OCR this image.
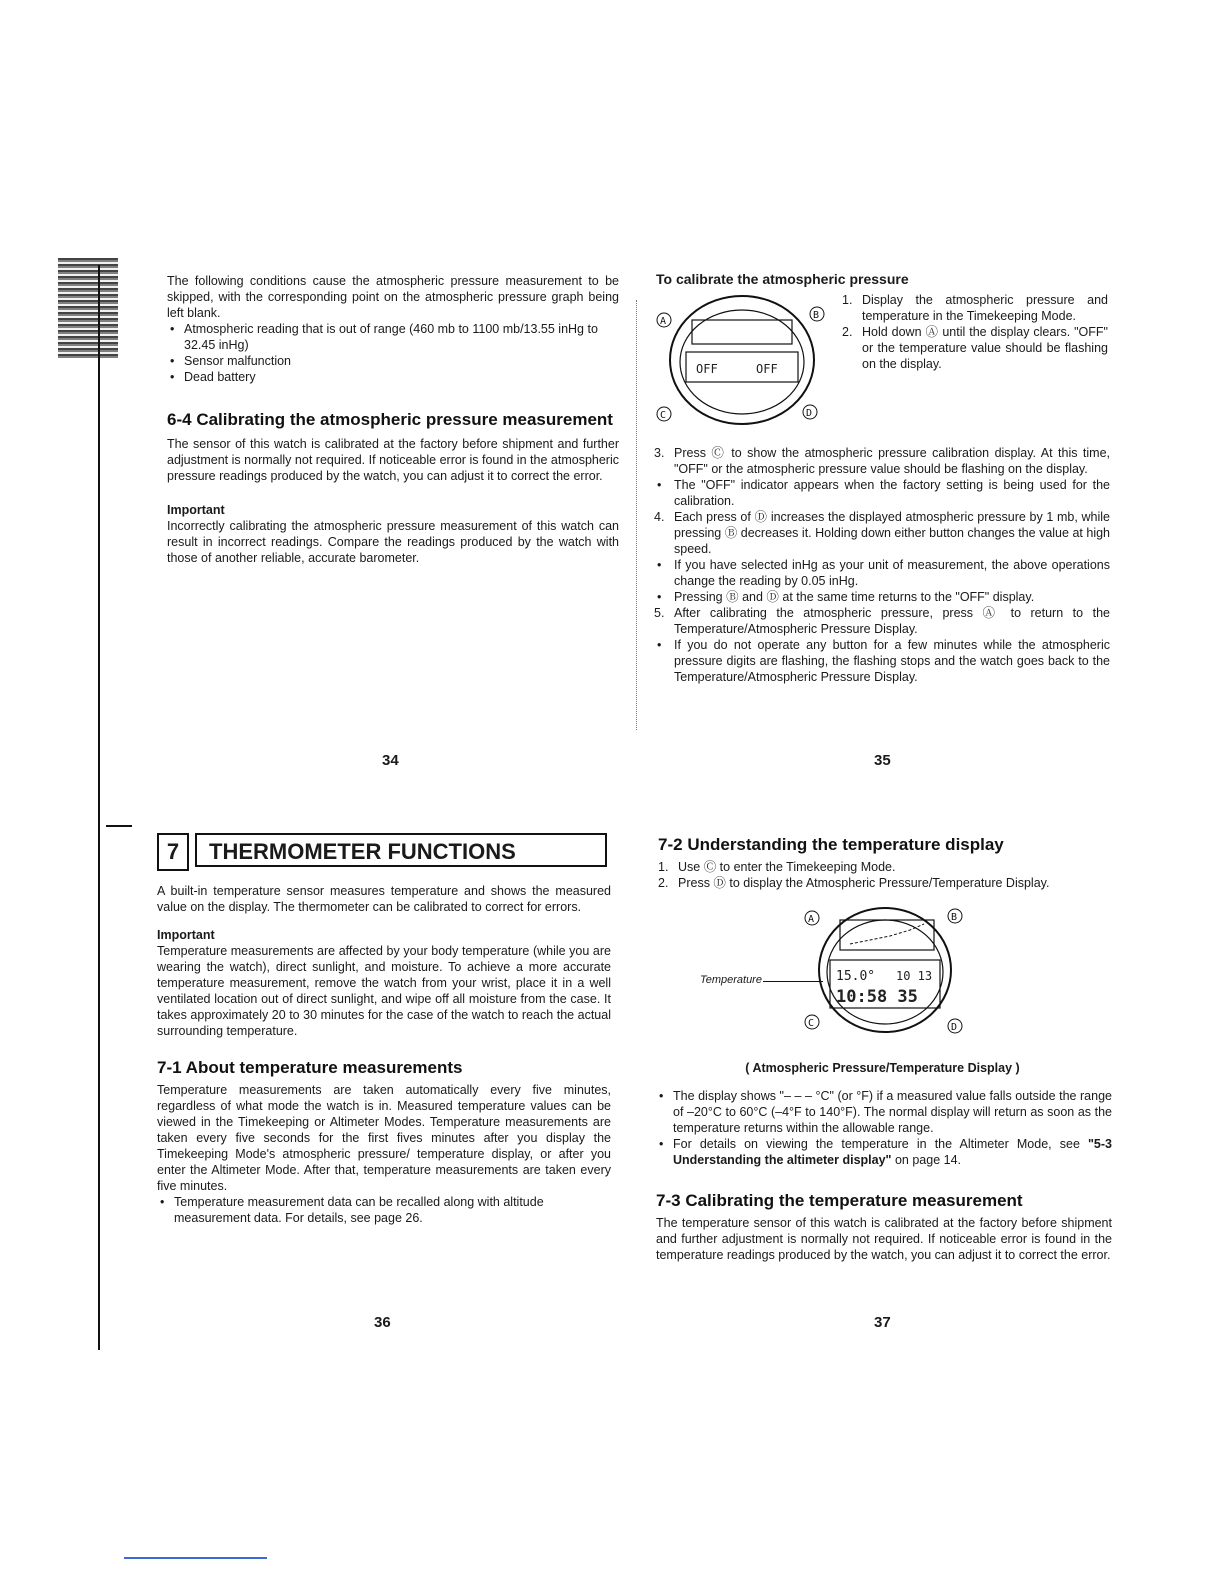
The following conditions cause the atmospheric pressure measurement to be skipped, with the corresponding point on the atmospheric pressure graph being left blank.

• Atmospheric reading that is out of range (460 mb to 1100 mb/13.55 inHg to 32.45 inHg)
• Sensor malfunction
• Dead battery
6-4 Calibrating the atmospheric pressure measurement

The sensor of this watch is calibrated at the factory before shipment and further adjustment is normally not required. If noticeable error is found in the atmospheric pressure readings produced by the watch, you can adjust it to correct the error.

Important

Incorrectly calibrating the atmospheric pressure measurement of this watch can result in incorrect readings. Compare the readings produced by the watch with those of another reliable, accurate barometer.

34

To calibrate the atmospheric pressure

OFF	OFF
A
B
C	D
1. Display the atmospheric pressure and temperature in the Timekeeping Mode.
2. Hold down Ⓐ until the display clears. "OFF" or the temperature value should be flashing on the display.
3. Press Ⓒ to show the atmospheric pressure calibration display. At this time, "OFF" or the atmospheric pressure value should be flashing on the display.
• The "OFF" indicator appears when the factory setting is being used for the calibration.
4. Each press of Ⓓ increases the displayed atmospheric pressure by 1 mb, while pressing Ⓑ decreases it. Holding down either button changes the value at high speed.
• If you have selected inHg as your unit of measurement, the above operations change the reading by 0.05 inHg.
• Pressing Ⓑ and Ⓓ at the same time returns to the "OFF" display.
5. After calibrating the atmospheric pressure, press Ⓐ to return to the Temperature/Atmospheric Pressure Display.
• If you do not operate any button for a few minutes while the atmospheric pressure digits are flashing, the flashing stops and the watch goes back to the Temperature/Atmospheric Pressure Display.
35
7	THERMOMETER FUNCTIONS

A built-in temperature sensor measures temperature and shows the measured value on the display. The thermometer can be calibrated to correct for errors.

Important

Temperature measurements are affected by your body temperature (while you are wearing the watch), direct sunlight, and moisture. To achieve a more accurate temperature measurement, remove the watch from your wrist, place it in a well ventilated location out of direct sunlight, and wipe off all moisture from the case. It takes approximately 20 to 30 minutes for the case of the watch to reach the actual surrounding temperature.

7-1 About temperature measurements

Temperature measurements are taken automatically every five minutes, regardless of what mode the watch is in. Measured temperature values can be viewed in the Timekeeping or Altimeter Modes. Temperature measurements are taken every five seconds for the first fives minutes after you display the Timekeeping Mode's atmospheric pressure/ temperature display, or after you enter the Altimeter Mode. After that, temperature measurements are taken every five minutes.

• Temperature measurement data can be recalled along with altitude measurement data. For details, see page 26.
36
7-2 Understanding the temperature display
1. Use Ⓒ to enter the Timekeeping Mode.
2. Press Ⓓ to display the Atmospheric Pressure/Temperature Display.
Temperature	15.0° 10 13
10:58 35
A	B
C	D
( Atmospheric Pressure/Temperature Display )
• The display shows "– – – °C" (or °F) if a measured value falls outside the range of –20°C to 60°C (–4°F to 140°F). The normal display will return as soon as the temperature returns within the allowable range.
• For details on viewing the temperature in the Altimeter Mode, see "5-3 Understanding the altimeter display" on page 14.
7-3 Calibrating the temperature measurement

The temperature sensor of this watch is calibrated at the factory before shipment and further adjustment is normally not required. If noticeable error is found in the temperature readings produced by the watch, you can adjust it to correct the error.

37
